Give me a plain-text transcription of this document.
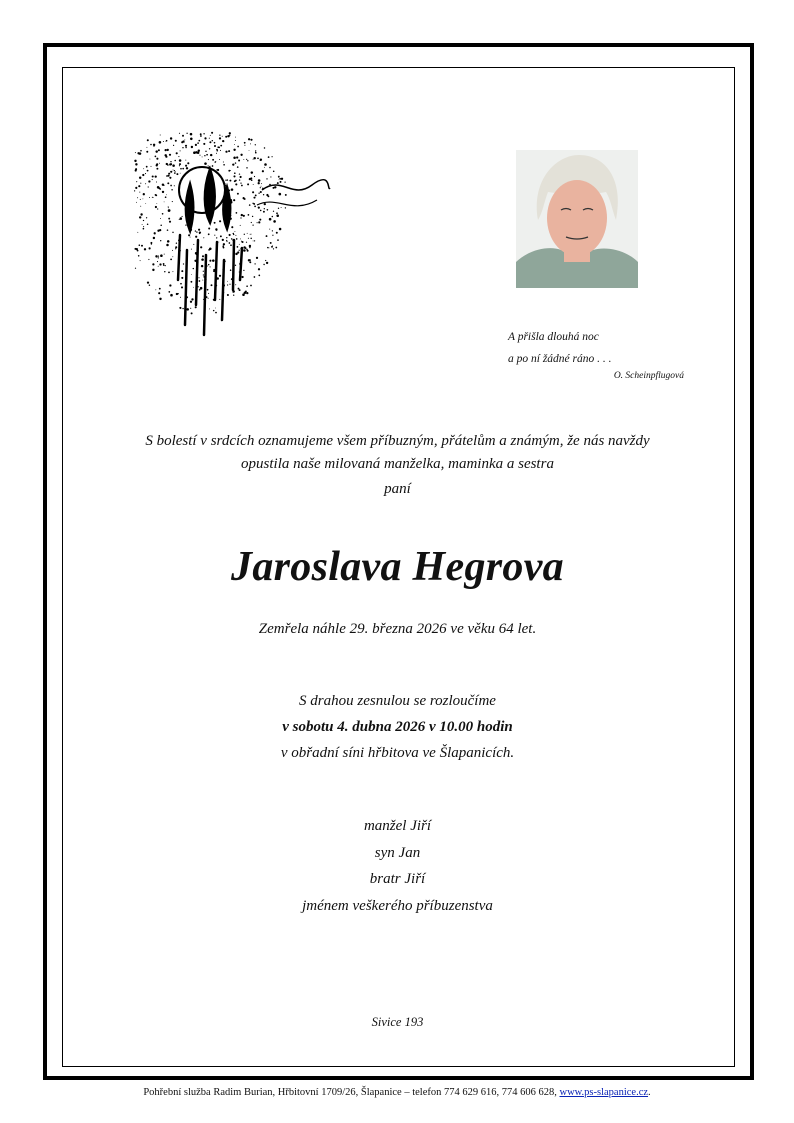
A přišla dlouhá noc
a po ní žádné ráno . . .
O. Scheinpflugová
S bolestí v srdcích oznamujeme všem příbuzným, přátelům a známým, že nás navždy
opustila naše milovaná manželka, maminka a sestra
paní
Jaroslava Hegrova
Zemřela náhle 29. března 2026 ve věku 64 let.
S drahou zesnulou se rozloučíme
v sobotu 4. dubna 2026 v 10.00 hodin
v obřadní síni hřbitova ve Šlapanicích.
manžel Jiří
syn Jan
bratr Jiří
jménem veškerého příbuzenstva
Sivice 193
Pohřební služba Radim Burian, Hřbitovní 1709/26, Šlapanice – telefon 774 629 616, 774 606 628, www.ps-slapanice.cz.
